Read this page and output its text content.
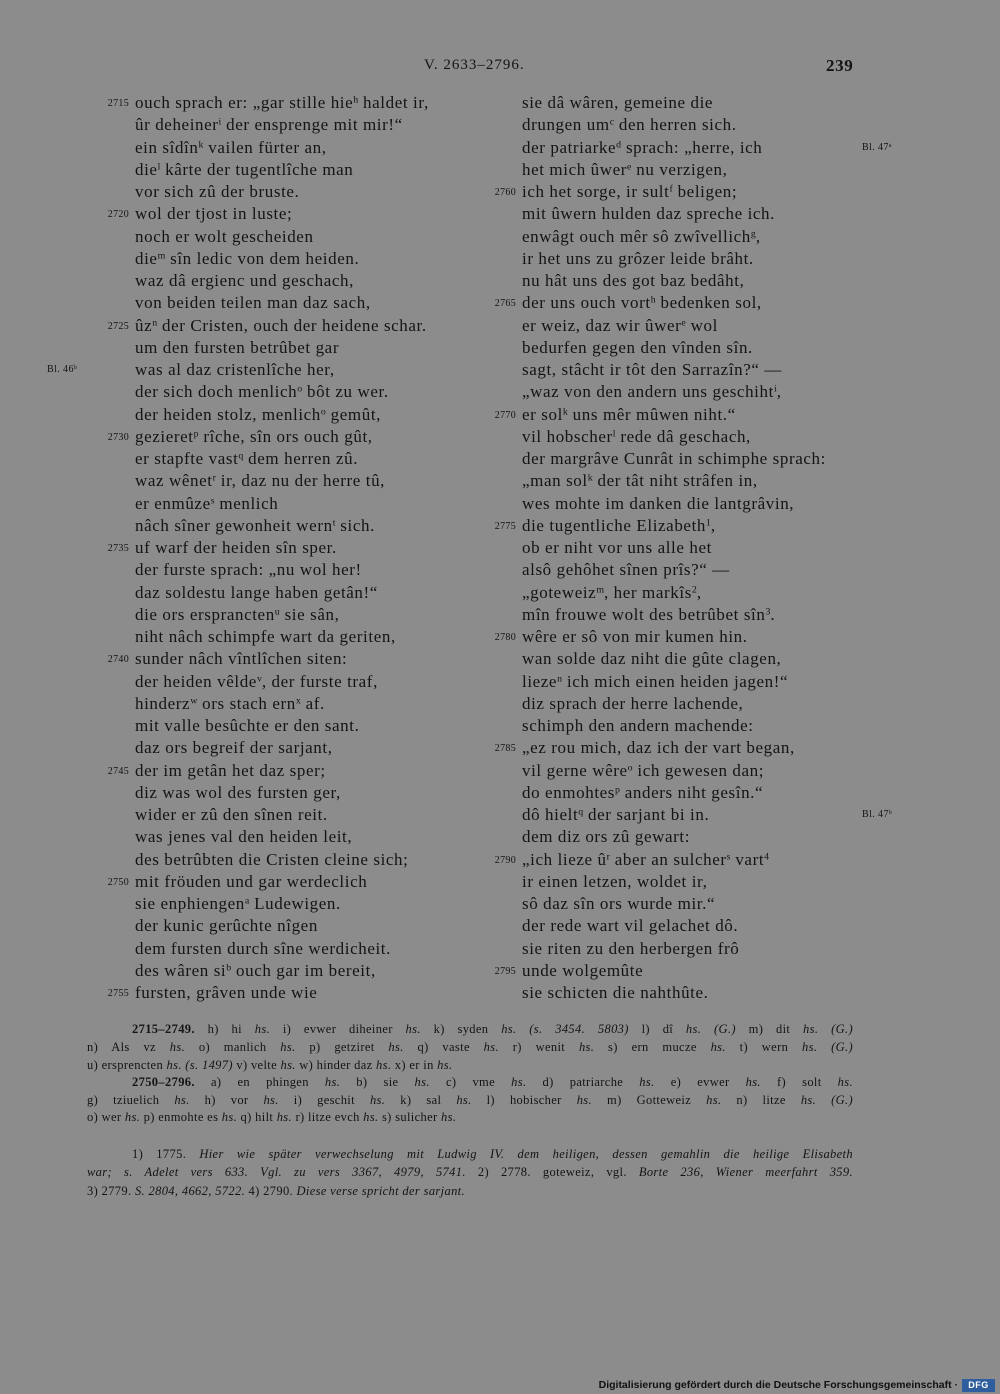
V. 2633–2796.	239
2715 ouch sprach er: „gar stille hie$^h$ haldet ir,
ûr deheiner$^i$ der ensprenge mit mir!“
ein sîdîn$^k$ vailen fürter an,
die$^l$ kârte der tugentlîche man
vor sich zû der bruste.
2720 wol der tjost in luste;
noch er wolt gescheiden
die$^m$ sîn ledic von dem heiden.
waz dâ ergienc und geschach,
von beiden teilen man daz sach,
2725 $ûz^n$ der Cristen, ouch der heidene schar.
um den fursten betrûbet gar
was al daz cristenlîche her,
Bl. 46$^b$
der sich doch menlich$^o$ bôt zu wer.
der heiden stolz, menlich$^o$ gemût,
2730 gezieret$^p$ rîche, sîn ors ouch gût,
er stapfte vast$^q$ dem herren zû.
waz wênet$^r$ ir, daz nu der herre tû,
er enmûze$^s$ menlich
nâch sîner gewonheit wern$^t$ sich.
2735 uf warf der heiden sîn sper.
der furste sprach: „nu wol her!
daz soldestu lange haben getân!“
die ors ersprancten$^u$ sie sân,
niht nâch schimpfe wart da geriten,
2740 sunder nâch vîntlîchen siten:
der heiden vêlde$^v$, der furste traf,
hinderz$^w$ ors stach ern$^x$ af.
mit valle besûchte er den sant.
daz ors begreif der sarjant,
2745 der im getân het daz sper;
diz was wol des fursten ger,
wider er zû den sînen reit.
was jenes val den heiden leit,
des betrûbten die Cristen cleine sich;
2750 mit fröuden und gar werdeclich
sie enphiengen$^a$ Ludewigen.
der kunic gerûchte nîgen
dem fursten durch sîne werdicheit.
des wâren $si^b$ ouch gar im bereit,
2755 fursten, grâven unde wie
sie dâ wâren, gemeine die
drungen $um^c$ den herren sich.
der patriarke$^d$ sprach: „herre, ich	Bl. 47$^a$
het mich ûwer$^e$ nu verzigen,
2760 ich het sorge, ir sult$^f$ beligen;
mit ûwern hulden daz spreche ich.
enwâgt ouch mêr sô zwîvellich$^g$,
ir het uns zu grôzer leide brâht.
nu hât uns des got baz bedâht,
2765 der uns ouch vort$^h$ bedenken sol,
er weiz, daz wir ûwer$^e$ wol
bedurfen gegen den vînden sîn.
sagt, stâcht ir tôt den Sarrazîn?“ —
„waz von den andern uns geschiht$^i$,
2770 er sol$^k$ uns mêr mûwen niht.“
vil hobscher$^l$ rede dâ geschach,
der margrâve Cunrât in schimphe sprach:
„man sol$^k$ der tât niht strâfen in,
wes mohte im danken die lantgrâvin,
2775 die tugentliche Elizabeth$^1$,
ob er niht vor uns alle het
alsô gehôhet sînen prîs?“ —
„goteweiz$^m$, her markîs$^2$,
mîn frouwe wolt des betrûbet sîn$^3$.
2780 wêre er sô von mir kumen hin.
wan solde daz niht die gûte clagen,
lieze$^n$ ich mich einen heiden jagen!“
diz sprach der herre lachende,
schimph den andern machende:
2785 „ez rou mich, daz ich der vart began,
vil gerne wêre$^o$ ich gewesen dan;
do enmohtes$^p$ anders niht gesîn.“
dô hielt$^q$ der sarjant bi in.	Bl. 47$^b$
dem diz ors zû gewart:
2790 „ich lieze $û^r$ aber an sulcher$^s$ vart$^4$
ir einen letzen, woldet ir,
sô daz sîn ors wurde mir.“
der rede wart vil gelachet dô.
sie riten zu den herbergen frô
2795 unde wolgemûte
sie schicten die nahthûte.
2715–2749. h) hi hs. i) evwer diheiner hs. k) syden hs. (s. 3454. 5803) l) dî hs. (G.) m) dit hs. (G.)
n) Als vz hs. o) manlich hs. p) getziret hs. q) vaste hs. r) wenit hs. s) ern mucze hs. t) wern hs. (G.)
u) ersprencten hs. (s. 1497) v) velte hs. w) hinder daz hs. x) er in hs.
2750–2796. a) en phingen hs. b) sie hs. c) vme hs. d) patriarche hs. e) evwer hs. f) solt hs.
g) tziuelich hs. h) vor hs. i) geschit hs. k) sal hs. l) hobischer hs. m) Gotteweiz hs. n) litze hs. (G.)
o) wer hs. p) enmohte es hs. q) hilt hs. r) litze evch hs. s) sulicher hs.
1) 1775. Hier wie später verwechselung mit Ludwig IV. dem heiligen, dessen gemahlin die heilige Elisabeth
war; s. Adelet vers 633. Vgl. zu vers 3367, 4979, 5741. 2) 2778. goteweiz, vgl. Borte 236, Wiener meerfahrt 359.
3) 2779. S. 2804, 4662, 5722. 4) 2790. Diese verse spricht der sarjant.
Digitalisierung gefördert durch die Deutsche Forschungsgemeinschaft ·	DFG
